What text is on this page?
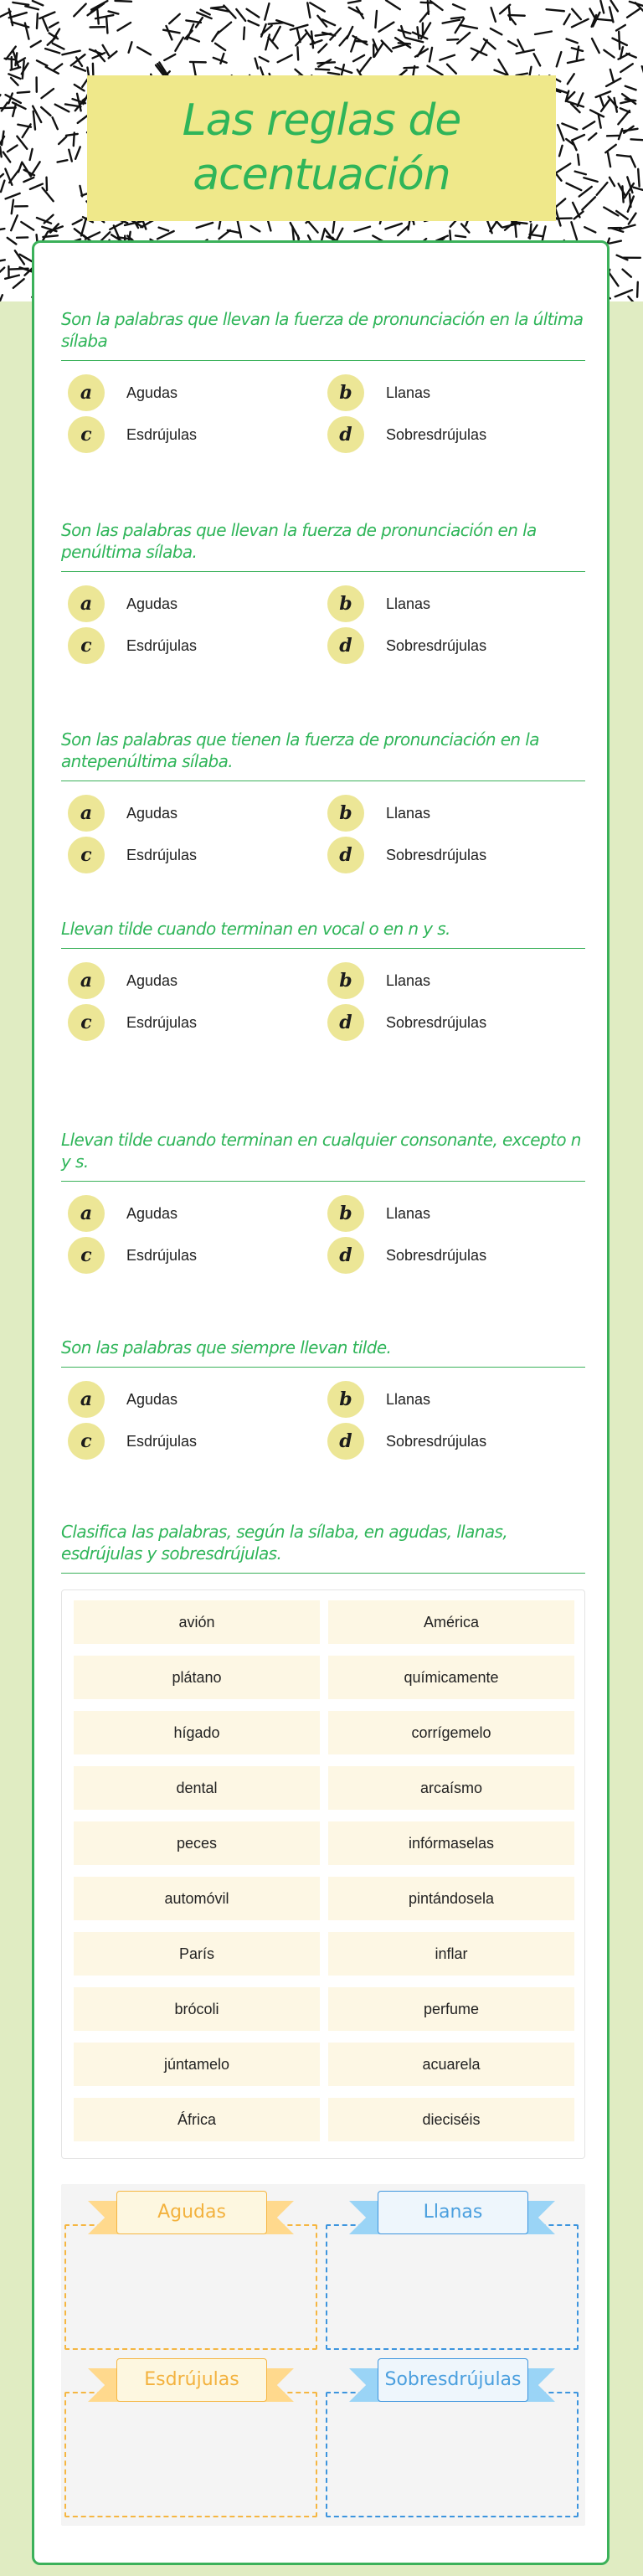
Las reglas de acentuación
Son la palabras que llevan la fuerza de pronunciación en la última sílaba
a	Agudas	b	Llanas
c	Esdrújulas	d	Sobresdrújulas
Son las palabras que llevan la fuerza de pronunciación en la penúltima sílaba.
a	Agudas	b	Llanas
c	Esdrújulas	d	Sobresdrújulas
Son las palabras que tienen la fuerza de pronunciación en la antepenúltima sílaba.
a	Agudas	b	Llanas
c	Esdrújulas	d	Sobresdrújulas
Llevan tilde cuando terminan en vocal o en n y s.
a	Agudas	b	Llanas
c	Esdrújulas	d	Sobresdrújulas
Llevan tilde cuando terminan en cualquier consonante, excepto n y s.
a	Agudas	b	Llanas
c	Esdrújulas	d	Sobresdrújulas
Son las palabras que siempre llevan tilde.
a	Agudas	b	Llanas
c	Esdrújulas	d	Sobresdrújulas
Clasifica las palabras, según la sílaba, en agudas, llanas, esdrújulas y sobresdrújulas.
avión	América
plátano	químicamente
hígado	corrígemelo
dental	arcaísmo
peces	infórmaselas
automóvil	pintándosela
París	inflar
brócoli	perfume
júntamelo	acuarela
África	dieciséis
Agudas	Llanas
Esdrújulas	Sobresdrújulas
